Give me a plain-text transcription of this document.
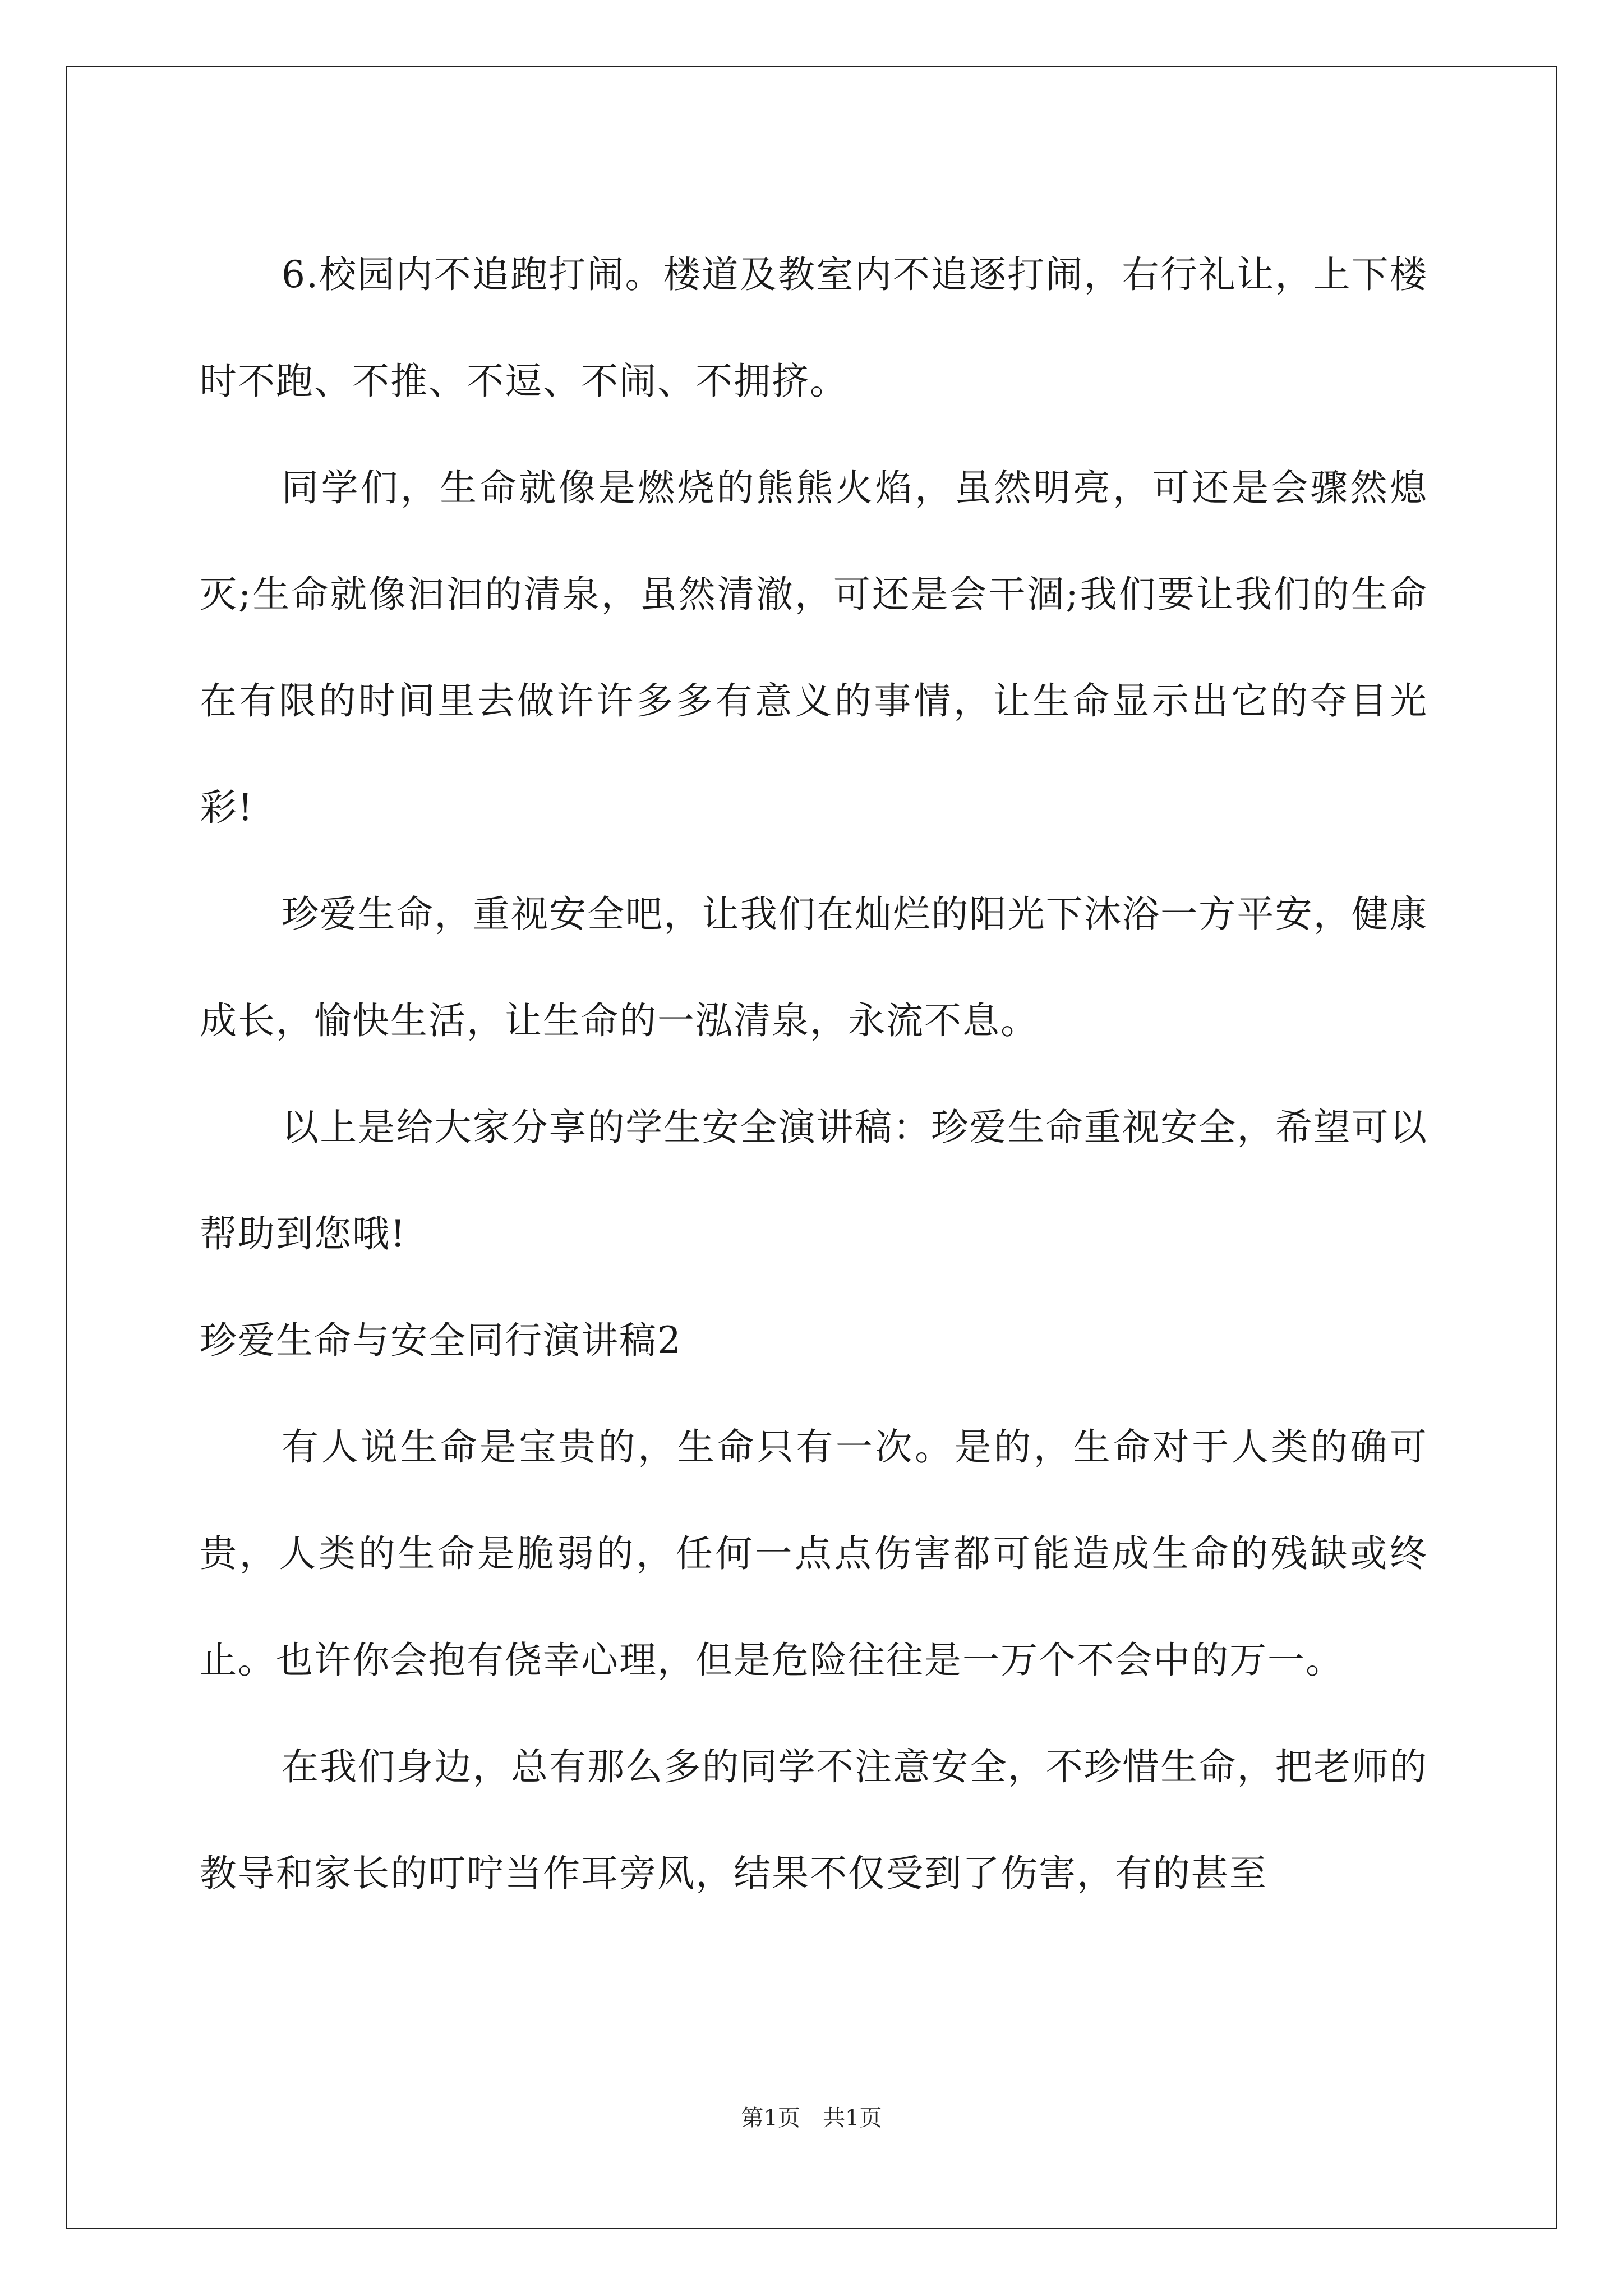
6.校园内不追跑打闹。楼道及教室内不追逐打闹，右行礼让，上下楼时不跑、不推、不逗、不闹、不拥挤。

同学们，生命就像是燃烧的熊熊火焰，虽然明亮，可还是会骤然熄灭;生命就像汩汩的清泉，虽然清澈，可还是会干涸;我们要让我们的生命在有限的时间里去做许许多多有意义的事情，让生命显示出它的夺目光彩!

珍爱生命，重视安全吧，让我们在灿烂的阳光下沐浴一方平安，健康成长，愉快生活，让生命的一泓清泉，永流不息。

以上是给大家分享的学生安全演讲稿：珍爱生命重视安全，希望可以帮助到您哦!

珍爱生命与安全同行演讲稿2

有人说生命是宝贵的，生命只有一次。是的，生命对于人类的确可贵，人类的生命是脆弱的，任何一点点伤害都可能造成生命的残缺或终止。也许你会抱有侥幸心理，但是危险往往是一万个不会中的万一。

在我们身边，总有那么多的同学不注意安全，不珍惜生命，把老师的教导和家长的叮咛当作耳旁风，结果不仅受到了伤害，有的甚至

第1页　共1页
